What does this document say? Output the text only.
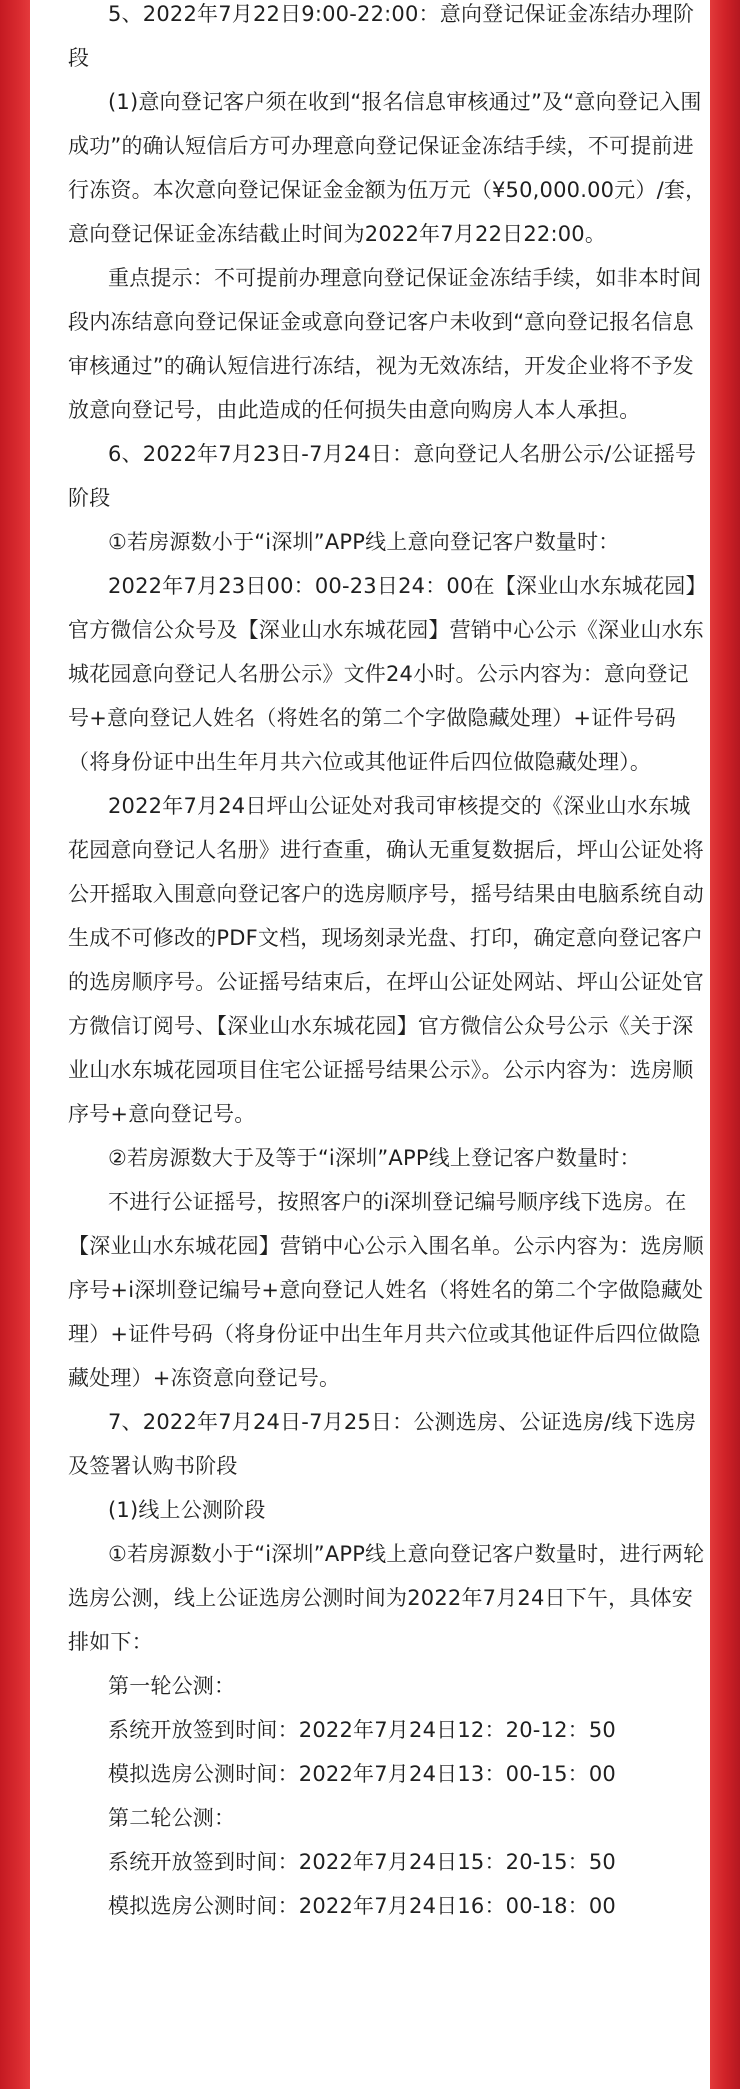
5、2022年7月22日9:00-22:00：意向登记保证金冻结办理阶段

(1)意向登记客户须在收到“报名信息审核通过”及“意向登记入围成功”的确认短信后方可办理意向登记保证金冻结手续，不可提前进行冻资。本次意向登记保证金金额为伍万元（¥50,000.00元）/套，意向登记保证金冻结截止时间为2022年7月22日22:00。

重点提示：不可提前办理意向登记保证金冻结手续，如非本时间段内冻结意向登记保证金或意向登记客户未收到“意向登记报名信息审核通过”的确认短信进行冻结，视为无效冻结，开发企业将不予发放意向登记号，由此造成的任何损失由意向购房人本人承担。

6、2022年7月23日-7月24日：意向登记人名册公示/公证摇号阶段

①若房源数小于“i深圳”APP线上意向登记客户数量时：

2022年7月23日00：00-23日24：00在【深业山水东城花园】官方微信公众号及【深业山水东城花园】营销中心公示《深业山水东城花园意向登记人名册公示》文件24小时。公示内容为：意向登记号+意向登记人姓名（将姓名的第二个字做隐藏处理）+证件号码（将身份证中出生年月共六位或其他证件后四位做隐藏处理）。

2022年7月24日坪山公证处对我司审核提交的《深业山水东城花园意向登记人名册》进行查重，确认无重复数据后，坪山公证处将公开摇取入围意向登记客户的选房顺序号，摇号结果由电脑系统自动生成不可修改的PDF文档，现场刻录光盘、打印，确定意向登记客户的选房顺序号。公证摇号结束后，在坪山公证处网站、坪山公证处官方微信订阅号、【深业山水东城花园】官方微信公众号公示《关于深业山水东城花园项目住宅公证摇号结果公示》。公示内容为：选房顺序号+意向登记号。

②若房源数大于及等于“i深圳”APP线上登记客户数量时：

不进行公证摇号，按照客户的i深圳登记编号顺序线下选房。在【深业山水东城花园】营销中心公示入围名单。公示内容为：选房顺序号+i深圳登记编号+意向登记人姓名（将姓名的第二个字做隐藏处理）+证件号码（将身份证中出生年月共六位或其他证件后四位做隐藏处理）+冻资意向登记号。

7、2022年7月24日-7月25日：公测选房、公证选房/线下选房及签署认购书阶段

(1)线上公测阶段

①若房源数小于“i深圳”APP线上意向登记客户数量时，进行两轮选房公测，线上公证选房公测时间为2022年7月24日下午，具体安排如下：

第一轮公测：

系统开放签到时间：2022年7月24日12：20-12：50

模拟选房公测时间：2022年7月24日13：00-15：00

第二轮公测：

系统开放签到时间：2022年7月24日15：20-15：50

模拟选房公测时间：2022年7月24日16：00-18：00
